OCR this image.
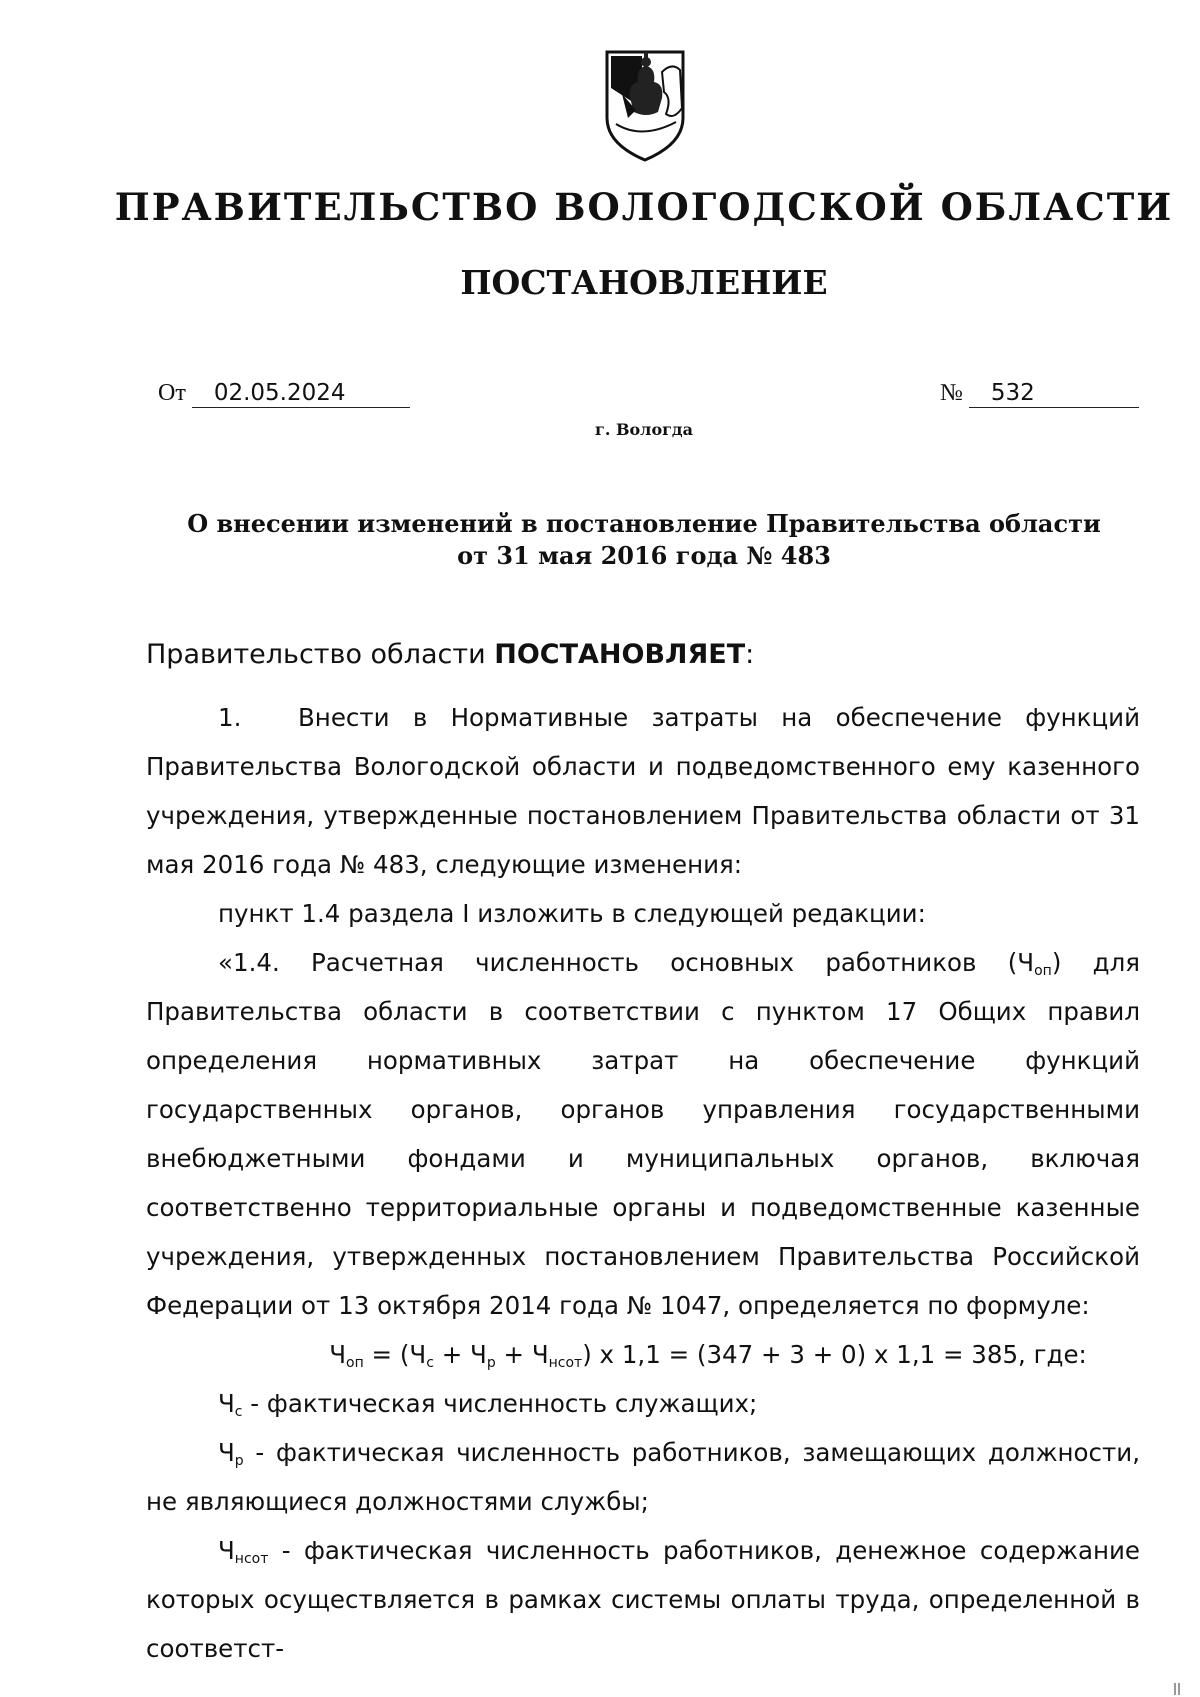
ПРАВИТЕЛЬСТВО ВОЛОГОДСКОЙ ОБЛАСТИ
ПОСТАНОВЛЕНИЕ
От 02.05.2024	№ 532
г. Вологда
О внесении изменений в постановление Правительства области
от 31 мая 2016 года № 483

Правительство области ПОСТАНОВЛЯЕТ:

1. Внести в Нормативные затраты на обеспечение функций Правительства Вологодской области и подведомственного ему казенного учреждения, утвержденные постановлением Правительства области от 31 мая 2016 года № 483, следующие изменения:

пункт 1.4 раздела I изложить в следующей редакции:

«1.4. Расчетная численность основных работников $(Ч_{оп})$ для Правительства области в соответствии с пунктом 17 Общих правил определения нормативных затрат на обеспечение функций государственных органов, органов управления государственными внебюджетными фондами и муниципальных органов, включая соответственно территориальные органы и подведомственные казенные учреждения, утвержденных постановлением Правительства Российской Федерации от 13 октября 2014 года № 1047, определяется по формуле:

$Ч_{оп} = (Ч_с + Ч_р + Ч_{нсот})$ x 1,1 = (347 + 3 + 0) x 1,1 = 385, где:

$Ч_с$ - фактическая численность служащих;

$Ч_р$ - фактическая численность работников, замещающих должности, не являющиеся должностями службы;

$Ч_{нсот}$ - фактическая численность работников, денежное содержание которых осуществляется в рамках системы оплаты труда, определенной в соответст-
